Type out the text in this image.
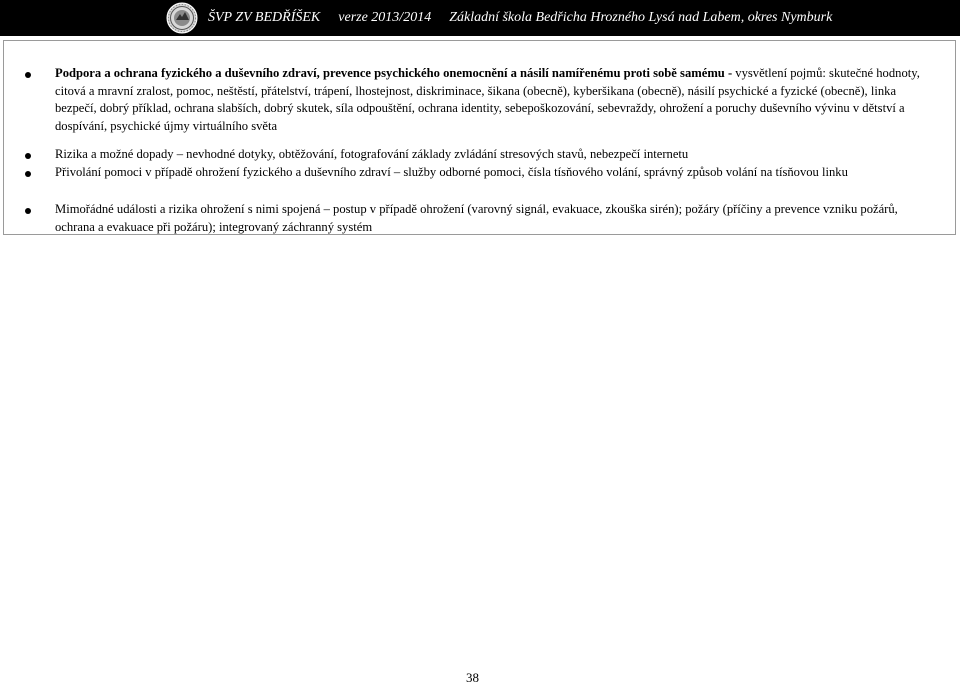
ŠVP ZV BEDŘÍŠEK verze 2013/2014 Základní škola Bedřicha Hrozného Lysá nad Labem, okres Nymburk
Podpora a ochrana fyzického a duševního zdraví, prevence psychického onemocnění a násilí namířenému proti sobě samému - vysvětlení pojmů: skutečné hodnoty, citová a mravní zralost, pomoc, neštěstí, přátelství, trápení, lhostejnost, diskriminace, šikana (obecně), kyberšikana (obecně), násilí psychické a fyzické (obecně), linka bezpečí, dobrý příklad, ochrana slabších, dobrý skutek, síla odpouštění, ochrana identity, sebepoškozování, sebevraždy, ohrožení a poruchy duševního vývinu v dětství a dospívání, psychické újmy virtuálního světa
Rizika a možné dopady – nevhodné dotyky, obtěžování, fotografování základy zvládání stresových stavů, nebezpečí internetu
Přivolání pomoci v případě ohrožení fyzického a duševního zdraví – služby odborné pomoci, čísla tísňového volání, správný způsob volání na tísňovou linku
Mimořádné události a rizika ohrožení s nimi spojená – postup v případě ohrožení (varovný signál, evakuace, zkouška sirén); požáry (příčiny a prevence vzniku požárů, ochrana a evakuace při požáru); integrovaný záchranný systém
38
